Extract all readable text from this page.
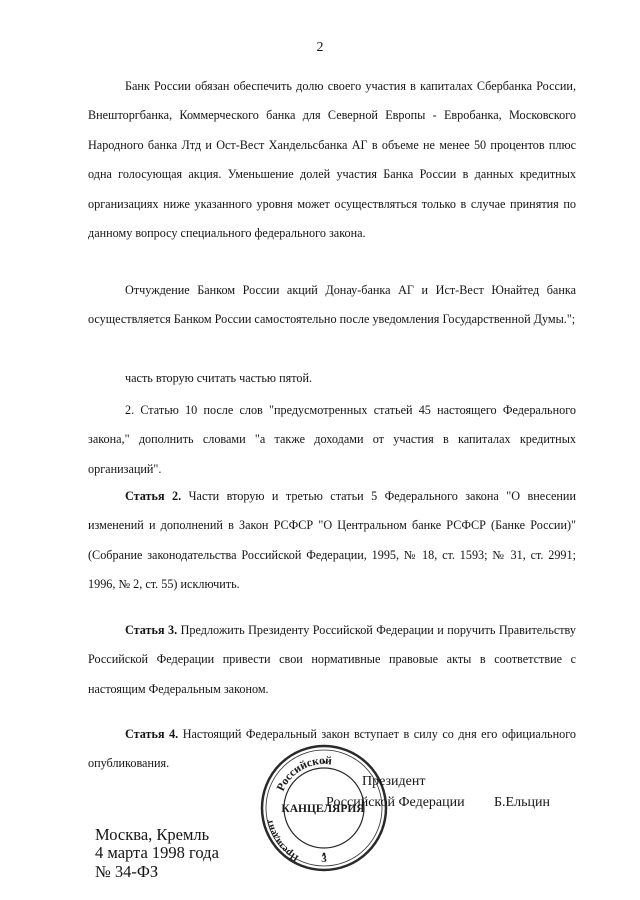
2

Банк России обязан обеспечить долю своего участия в капиталах Сбербанка России, Внешторгбанка, Коммерческого банка для Северной Европы - Евробанка, Московского Народного банка Лтд и Ост-Вест Хандельсбанка АГ в объеме не менее 50 процентов плюс одна голосующая акция. Уменьшение долей участия Банка России в данных кредитных организациях ниже указанного уровня может осуществляться только в случае принятия по данному вопросу специального федерального закона.

Отчуждение Банком России акций Донау-банка АГ и Ист-Вест Юнайтед банка осуществляется Банком России самостоятельно после уведомления Государственной Думы.";

часть вторую считать частью пятой.

2. Статью 10 после слов "предусмотренных статьей 45 настоящего Федерального закона," дополнить словами "а также доходами от участия в капиталах кредитных организаций".

Статья 2. Части вторую и третью статьи 5 Федерального закона "О внесении изменений и дополнений в Закон РСФСР "О Центральном банке РСФСР (Банке России)" (Собрание законодательства Российской Федерации, 1995, № 18, ст. 1593; № 31, ст. 2991; 1996, № 2, ст. 55) исключить.

Статья 3. Предложить Президенту Российской Федерации и поручить Правительству Российской Федерации привести свои нормативные правовые акты в соответствие с настоящим Федеральным законом.

Статья 4. Настоящий Федеральный закон вступает в силу со дня его официального опубликования.

Российской
Президент
КАНЦЕЛЯРИЯ
3
Президент
Российской Федерации Б.Ельцин
Москва, Кремль
4 марта 1998 года
№ 34-ФЗ
